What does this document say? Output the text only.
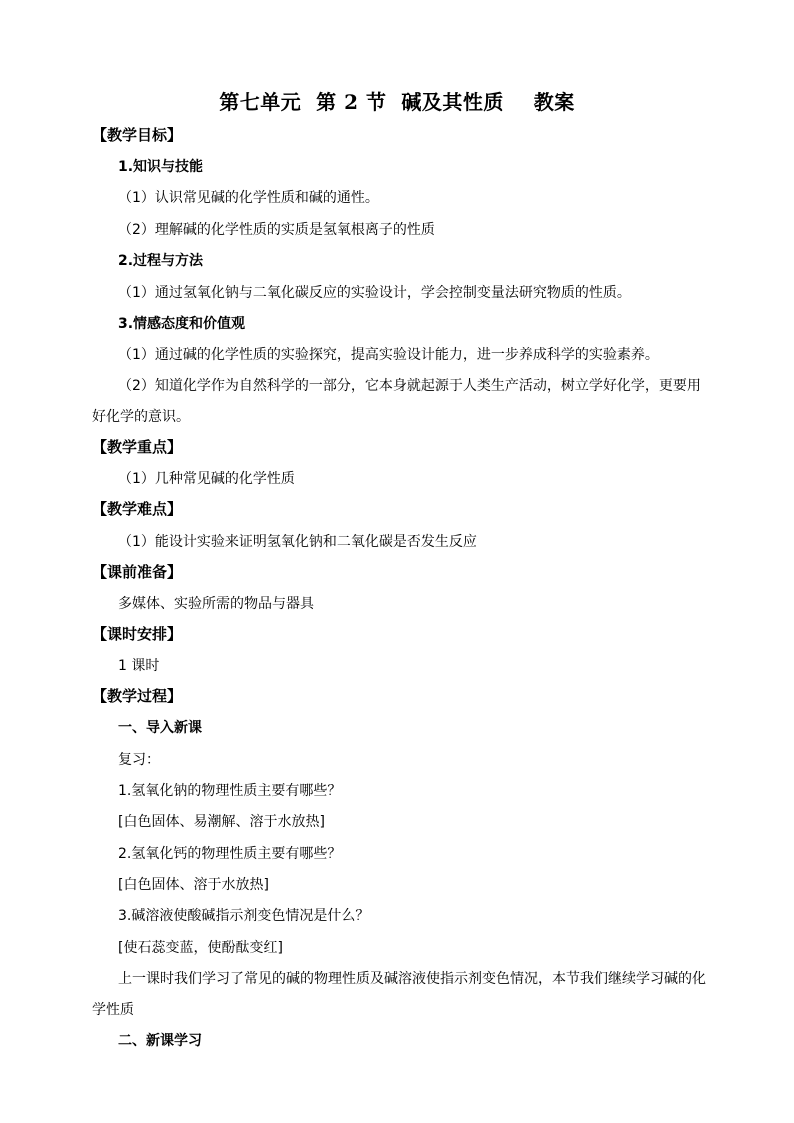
第七单元  第 2 节  碱及其性质    教案
【教学目标】
1.知识与技能
（1）认识常见碱的化学性质和碱的通性。
（2）理解碱的化学性质的实质是氢氧根离子的性质
2.过程与方法
（1）通过氢氧化钠与二氧化碳反应的实验设计，学会控制变量法研究物质的性质。
3.情感态度和价值观
（1）通过碱的化学性质的实验探究，提高实验设计能力，进一步养成科学的实验素养。
（2）知道化学作为自然科学的一部分，它本身就起源于人类生产活动，树立学好化学，更要用
好化学的意识。
【教学重点】
（1）几种常见碱的化学性质
【教学难点】
（1）能设计实验来证明氢氧化钠和二氧化碳是否发生反应
【课前准备】
多媒体、实验所需的物品与器具
【课时安排】
1 课时
【教学过程】
一、导入新课
复习：
1.氢氧化钠的物理性质主要有哪些？
[白色固体、易潮解、溶于水放热]
2.氢氧化钙的物理性质主要有哪些？
[白色固体、溶于水放热]
3.碱溶液使酸碱指示剂变色情况是什么？
[使石蕊变蓝，使酚酞变红]
上一课时我们学习了常见的碱的物理性质及碱溶液使指示剂变色情况，本节我们继续学习碱的化
学性质
二、新课学习
